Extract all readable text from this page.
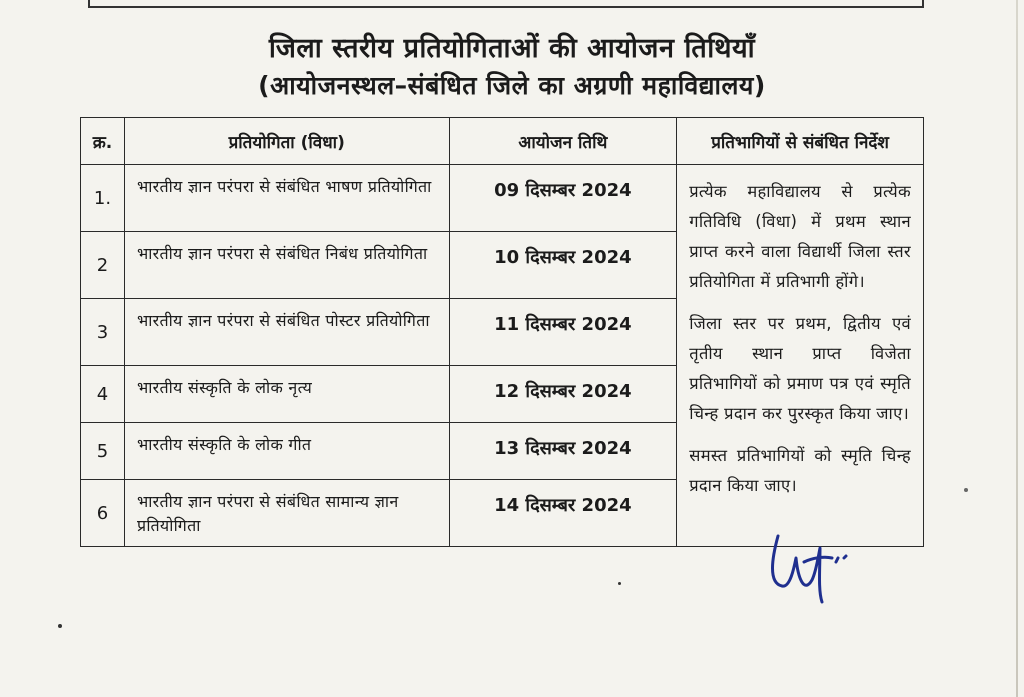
जिला स्तरीय प्रतियोगिताओं की आयोजन तिथियाँ
(आयोजनस्थल–संबंधित जिले का अग्रणी महाविद्यालय)
क्र.	प्रतियोगिता (विधा)	आयोजन तिथि	प्रतिभागियों से संबंधित निर्देश
1.	भारतीय ज्ञान परंपरा से संबंधित भाषण प्रतियोगिता	09 दिसम्बर 2024	प्रत्येक महाविद्यालय से प्रत्येक गतिविधि (विधा) में प्रथम स्थान प्राप्त करने वाला विद्यार्थी जिला स्तर प्रतियोगिता में प्रतिभागी होंगे।

जिला स्तर पर प्रथम, द्वितीय एवं तृतीय स्थान प्राप्त विजेता प्रतिभागियों को प्रमाण पत्र एवं स्मृति चिन्ह प्रदान कर पुरस्कृत किया जाए।

समस्त प्रतिभागियों को स्मृति चिन्ह प्रदान किया जाए।

2	भारतीय ज्ञान परंपरा से संबंधित निबंध प्रतियोगिता	10 दिसम्बर 2024	
3	भारतीय ज्ञान परंपरा से संबंधित पोस्टर प्रतियोगिता	11 दिसम्बर 2024	
4	भारतीय संस्कृति के लोक नृत्य	12 दिसम्बर 2024	
5	भारतीय संस्कृति के लोक गीत	13 दिसम्बर 2024	
6	भारतीय ज्ञान परंपरा से संबंधित सामान्य ज्ञान प्रतियोगिता	14 दिसम्बर 2024	
